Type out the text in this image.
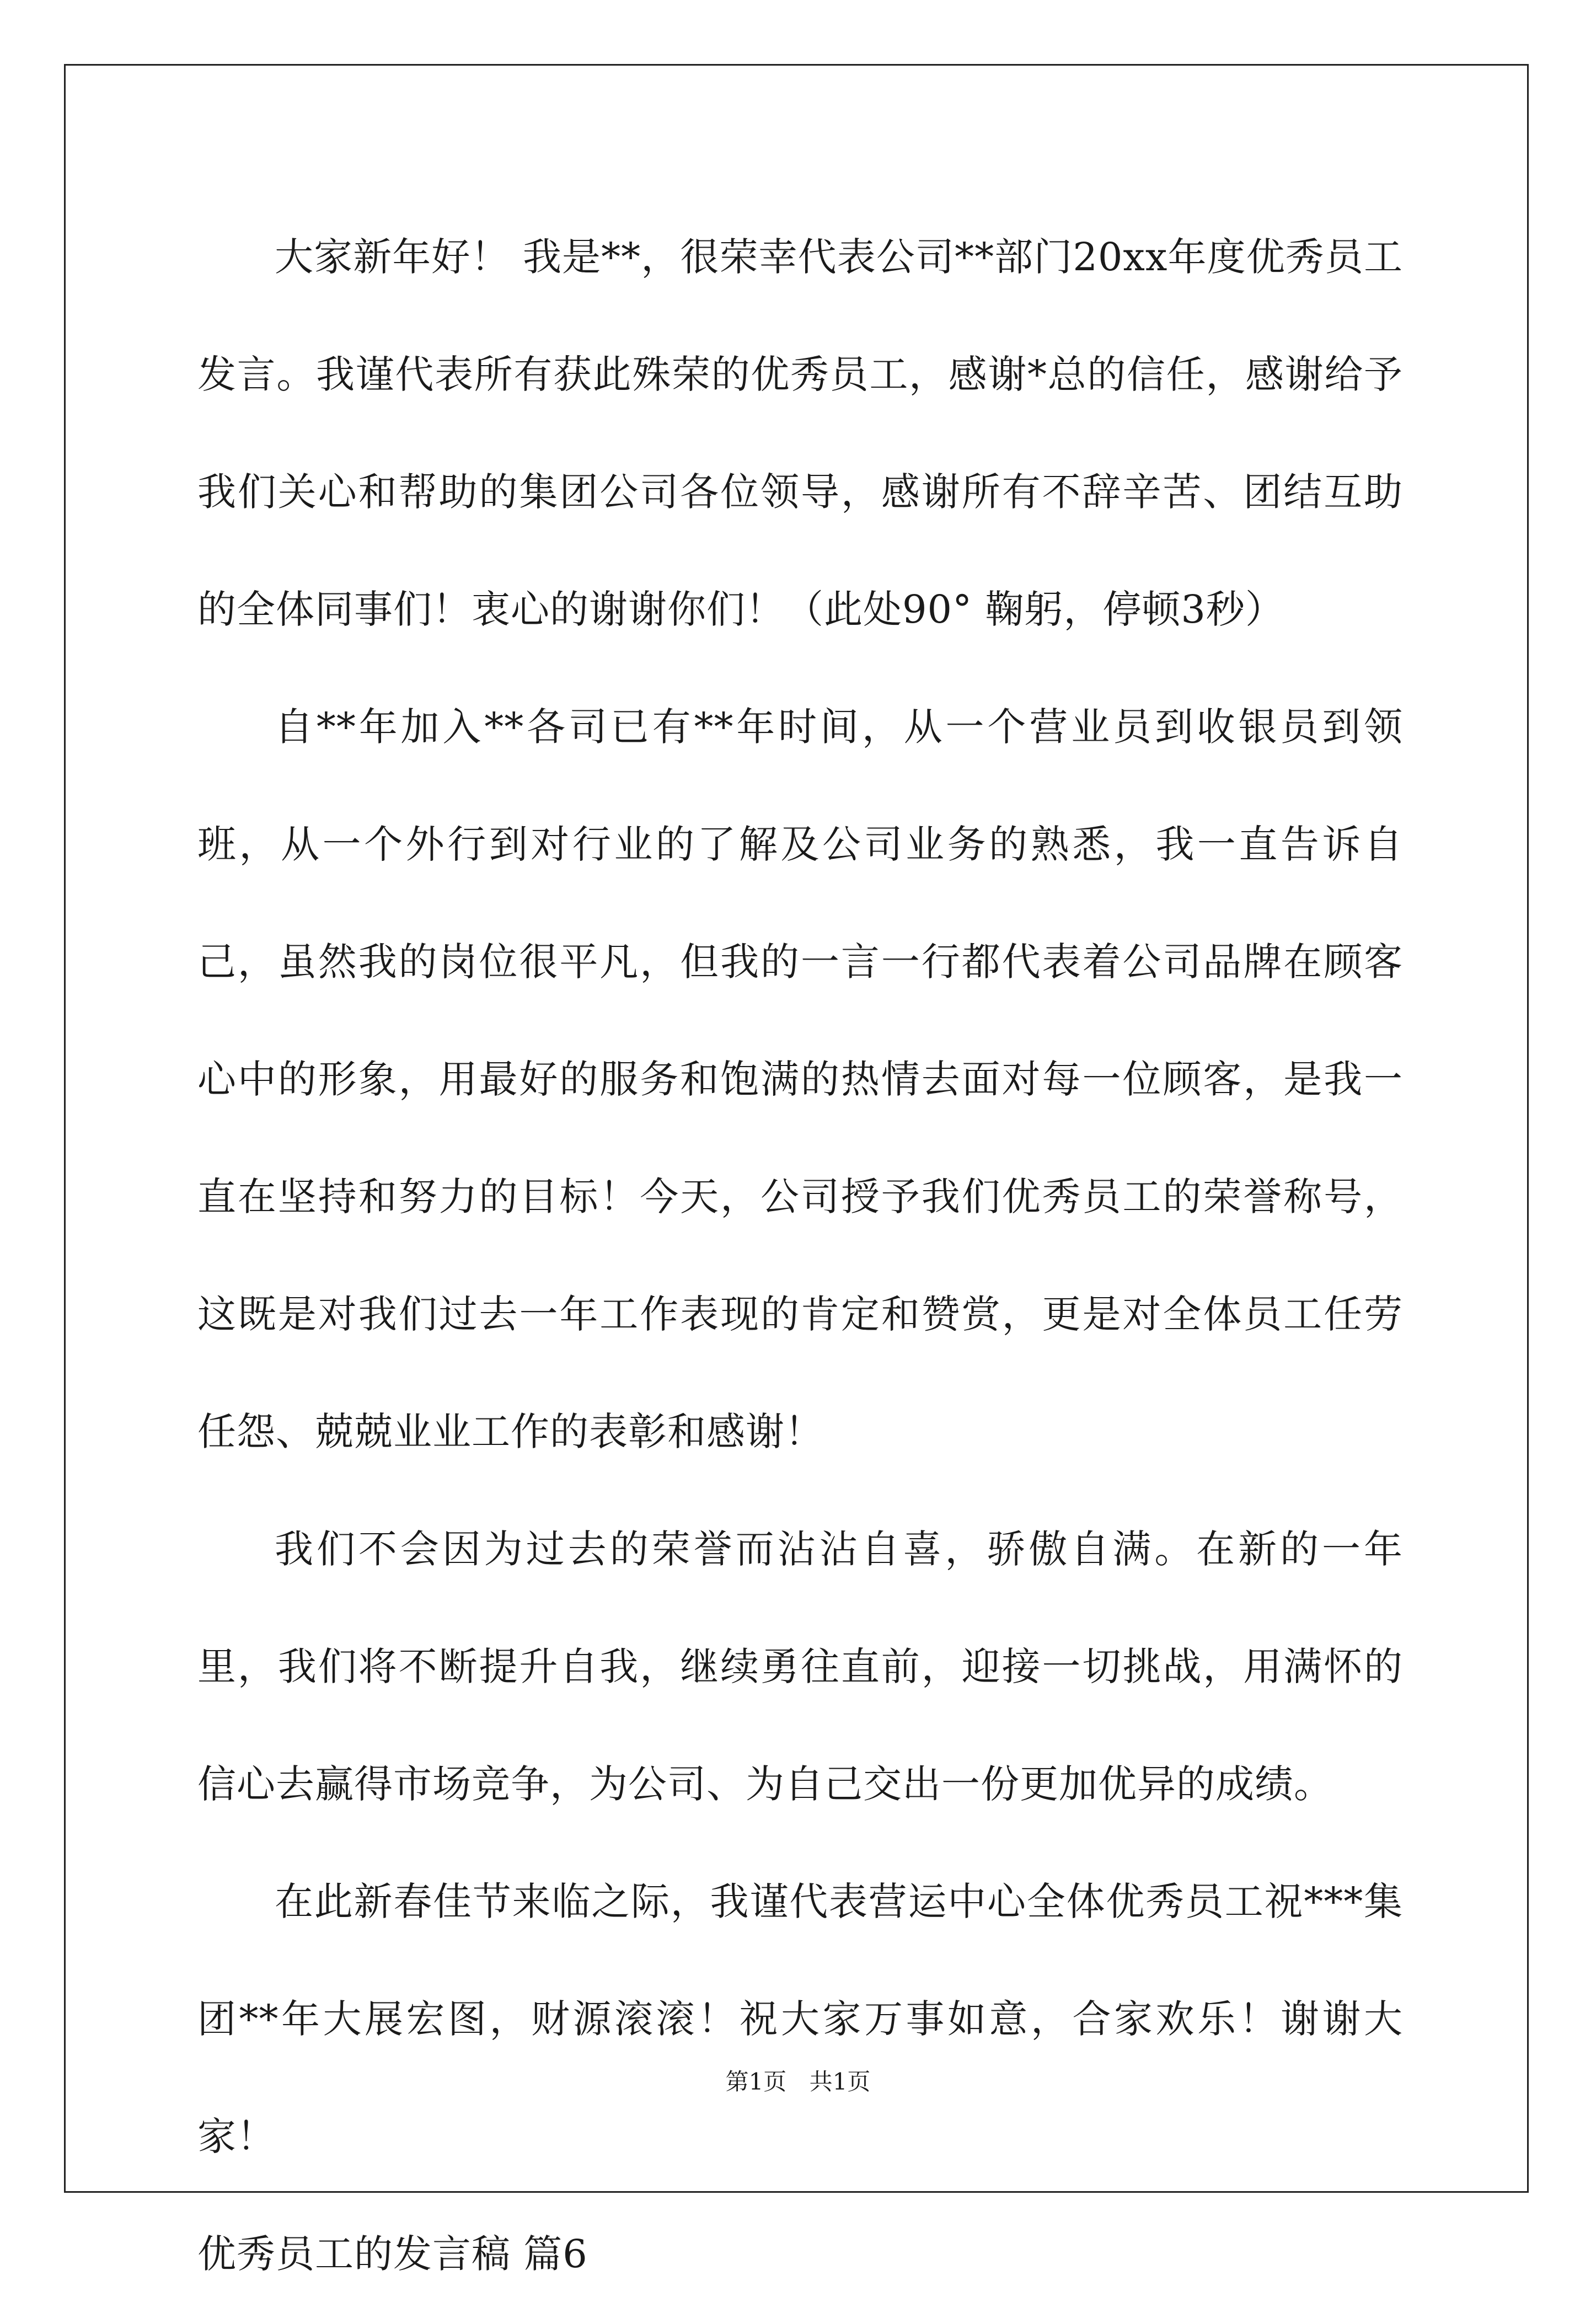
大家新年好！ 我是**，很荣幸代表公司**部门20xx年度优秀员工发言。我谨代表所有获此殊荣的优秀员工，感谢*总的信任，感谢给予我们关心和帮助的集团公司各位领导，感谢所有不辞辛苦、团结互助的全体同事们！衷心的谢谢你们！（此处90° 鞠躬，停顿3秒）

自**年加入**各司已有**年时间，从一个营业员到收银员到领班，从一个外行到对行业的了解及公司业务的熟悉，我一直告诉自己，虽然我的岗位很平凡，但我的一言一行都代表着公司品牌在顾客心中的形象，用最好的服务和饱满的热情去面对每一位顾客，是我一直在坚持和努力的目标！今天，公司授予我们优秀员工的荣誉称号，这既是对我们过去一年工作表现的肯定和赞赏，更是对全体员工任劳任怨、兢兢业业工作的表彰和感谢！

我们不会因为过去的荣誉而沾沾自喜，骄傲自满。在新的一年里，我们将不断提升自我，继续勇往直前，迎接一切挑战，用满怀的信心去赢得市场竞争，为公司、为自己交出一份更加优异的成绩。

在此新春佳节来临之际，我谨代表营运中心全体优秀员工祝***集团**年大展宏图，财源滚滚！祝大家万事如意，合家欢乐！谢谢大家！

优秀员工的发言稿 篇6

第1页 共1页
